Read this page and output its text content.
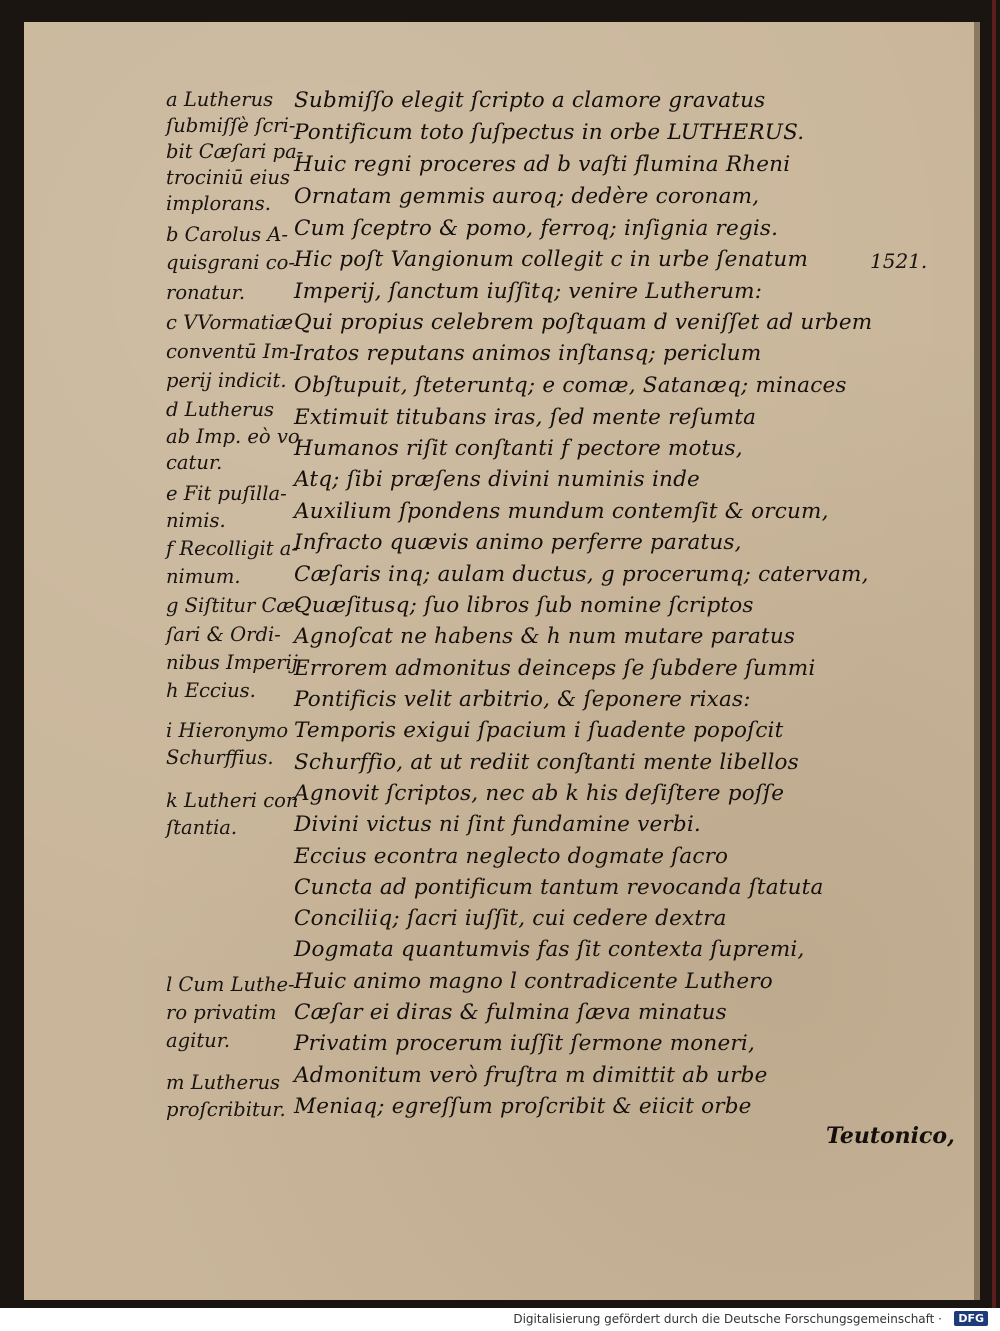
1521.
a Lutherus
ſubmiſſè ſcri-
bit Cæſari pa-
trociniū eius
implorans.
b Carolus A-
quisgrani co-
ronatur.
c VVormatiæ
conventū Im-
perij indicit.
d Lutherus
ab Imp. eò vo
catur.
e Fit puſilla-
nimis.
f Recolligit a-
nimum.
g Siſtitur Cæ-
ſari & Ordi-
nibus Imperij
h Eccius.
i Hieronymo
Schurffius.
k Lutheri con
ſtantia.
l Cum Luthe-
ro privatim
agitur.
m Lutherus
proſcribitur.
Submiſſo elegit ſcripto a clamore gravatus
Pontificum toto ſuſpectus in orbe LUTHERUS.
Huic regni proceres ad b vaſti flumina Rheni
Ornatam gemmis auroq; dedère coronam,
Cum ſceptro & pomo, ferroq; inſignia regis.
Hic poſt Vangionum collegit c in urbe ſenatum
Imperij, ſanctum iuſſitq; venire Lutherum:
Qui propius celebrem poſtquam d veniſſet ad urbem
Iratos reputans animos inſtansq; periclum
Obſtupuit, ſteteruntq; e comæ, Satanæq; minaces
Extimuit titubans iras, ſed mente reſumta
Humanos riſit conſtanti f pectore motus,
Atq; ſibi præſens divini numinis inde
Auxilium ſpondens mundum contemſit & orcum,
Infracto quævis animo perferre paratus,
Cæſaris inq; aulam ductus, g procerumq; catervam,
Quæſitusq; ſuo libros ſub nomine ſcriptos
Agnoſcat ne habens & h num mutare paratus
Errorem admonitus deinceps ſe ſubdere ſummi
Pontificis velit arbitrio, & ſeponere rixas:
Temporis exigui ſpacium i ſuadente popoſcit
Schurffio, at ut rediit conſtanti mente libellos
Agnovit ſcriptos, nec ab k his deſiſtere poſſe
Divini victus ni ſint fundamine verbi.
Eccius econtra neglecto dogmate ſacro
Cuncta ad pontificum tantum revocanda ſtatuta
Conciliiq; ſacri iuſſit, cui cedere dextra
Dogmata quantumvis fas ſit contexta ſupremi,
Huic animo magno l contradicente Luthero
Cæſar ei diras & fulmina ſæva minatus
Privatim procerum iuſſit ſermone moneri,
Admonitum verò fruſtra m dimittit ab urbe
Meniaq; egreſſum proſcribit & eiicit orbe
Teutonico,
Digitalisierung gefördert durch die Deutsche Forschungsgemeinschaft ·	DFG
